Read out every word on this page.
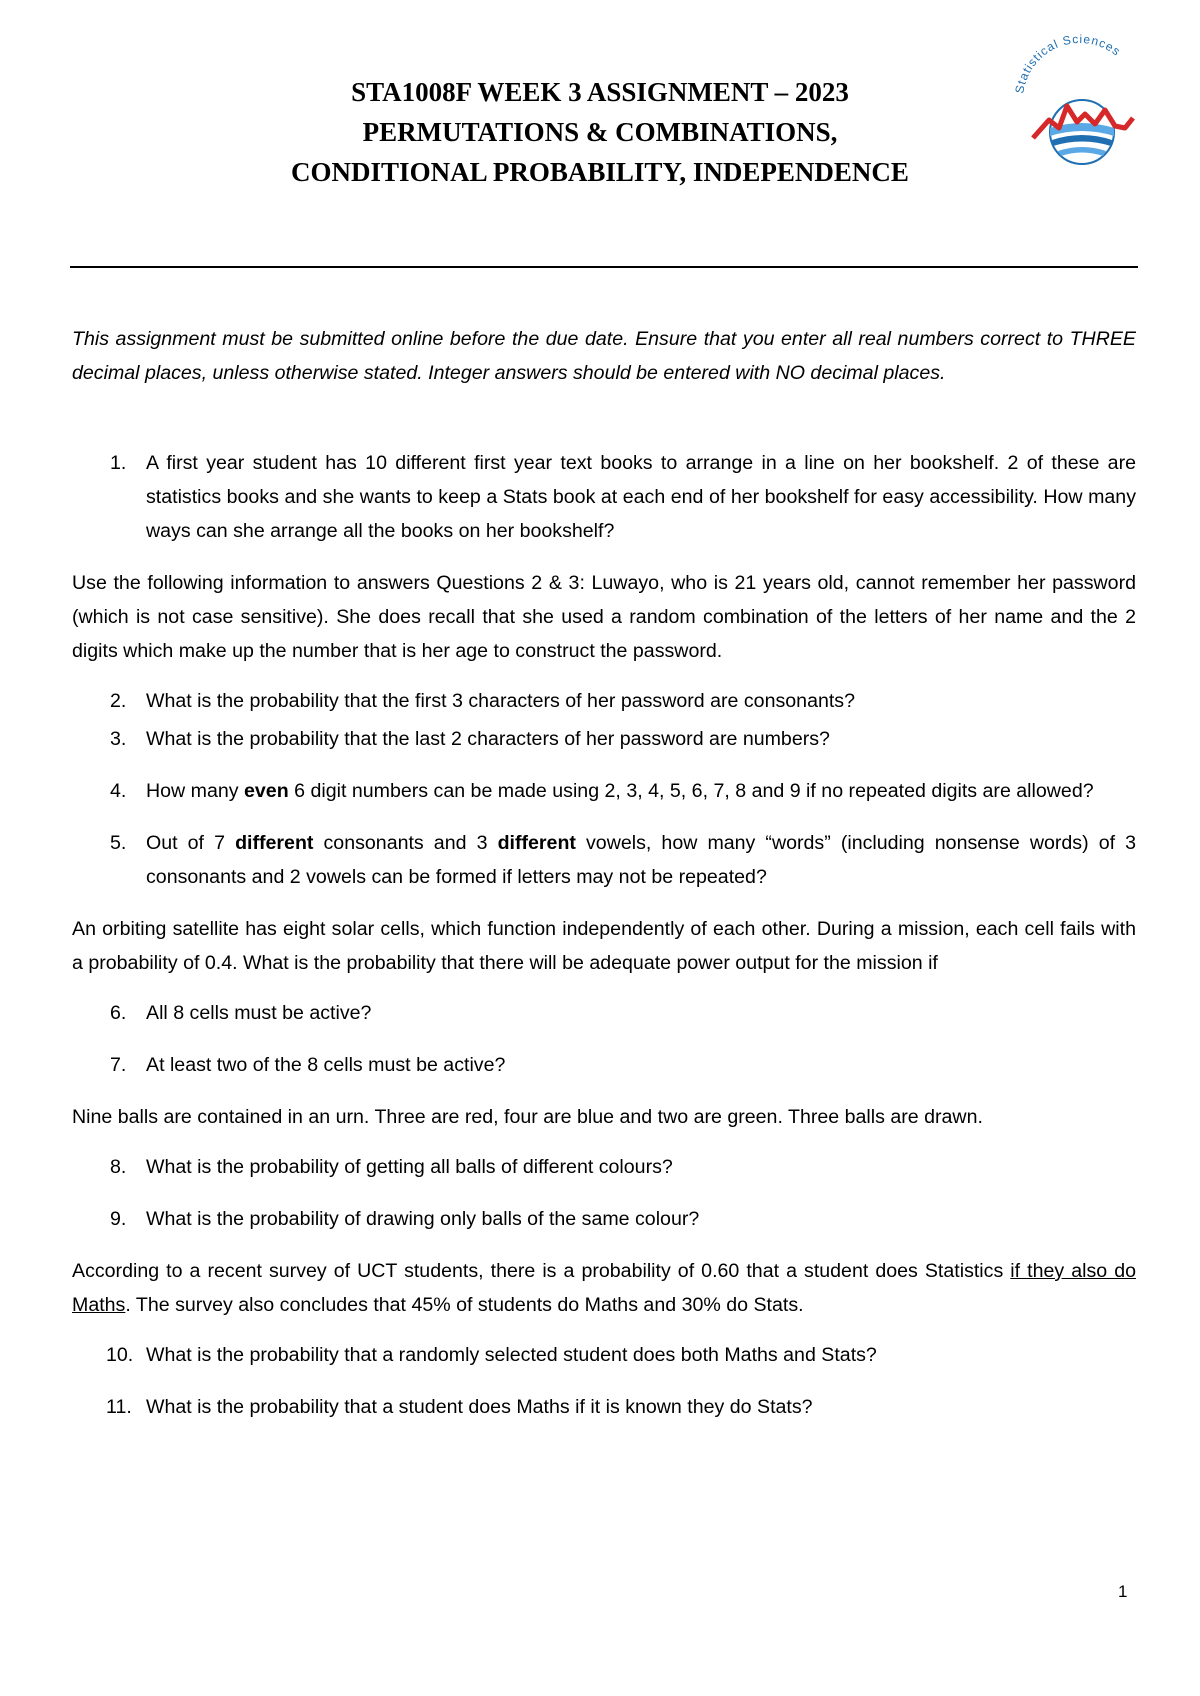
STA1008F WEEK 3 ASSIGNMENT – 2023
PERMUTATIONS & COMBINATIONS,
CONDITIONAL PROBABILITY, INDEPENDENCE
Statistical Sciences

This assignment must be submitted online before the due date. Ensure that you enter all real numbers correct to THREE decimal places, unless otherwise stated. Integer answers should be entered with NO decimal places.

1.	A first year student has 10 different first year text books to arrange in a line on her bookshelf. 2 of these are statistics books and she wants to keep a Stats book at each end of her bookshelf for easy accessibility. How many ways can she arrange all the books on her bookshelf?

Use the following information to answers Questions 2 & 3: Luwayo, who is 21 years old, cannot remember her password (which is not case sensitive). She does recall that she used a random combination of the letters of her name and the 2 digits which make up the number that is her age to construct the password.

2.	What is the probability that the first 3 characters of her password are consonants?
3.	What is the probability that the last 2 characters of her password are numbers?
4.	How many even 6 digit numbers can be made using 2, 3, 4, 5, 6, 7, 8 and 9 if no repeated digits are allowed?
5.	Out of 7 different consonants and 3 different vowels, how many “words” (including nonsense words) of 3 consonants and 2 vowels can be formed if letters may not be repeated?

An orbiting satellite has eight solar cells, which function independently of each other. During a mission, each cell fails with a probability of 0.4. What is the probability that there will be adequate power output for the mission if

6.	All 8 cells must be active?
7.	At least two of the 8 cells must be active?

Nine balls are contained in an urn. Three are red, four are blue and two are green. Three balls are drawn.

8.	What is the probability of getting all balls of different colours?
9.	What is the probability of drawing only balls of the same colour?

According to a recent survey of UCT students, there is a probability of 0.60 that a student does Statistics if they also do Maths. The survey also concludes that 45% of students do Maths and 30% do Stats.

10. What is the probability that a randomly selected student does both Maths and Stats?
11. What is the probability that a student does Maths if it is known they do Stats?
1
